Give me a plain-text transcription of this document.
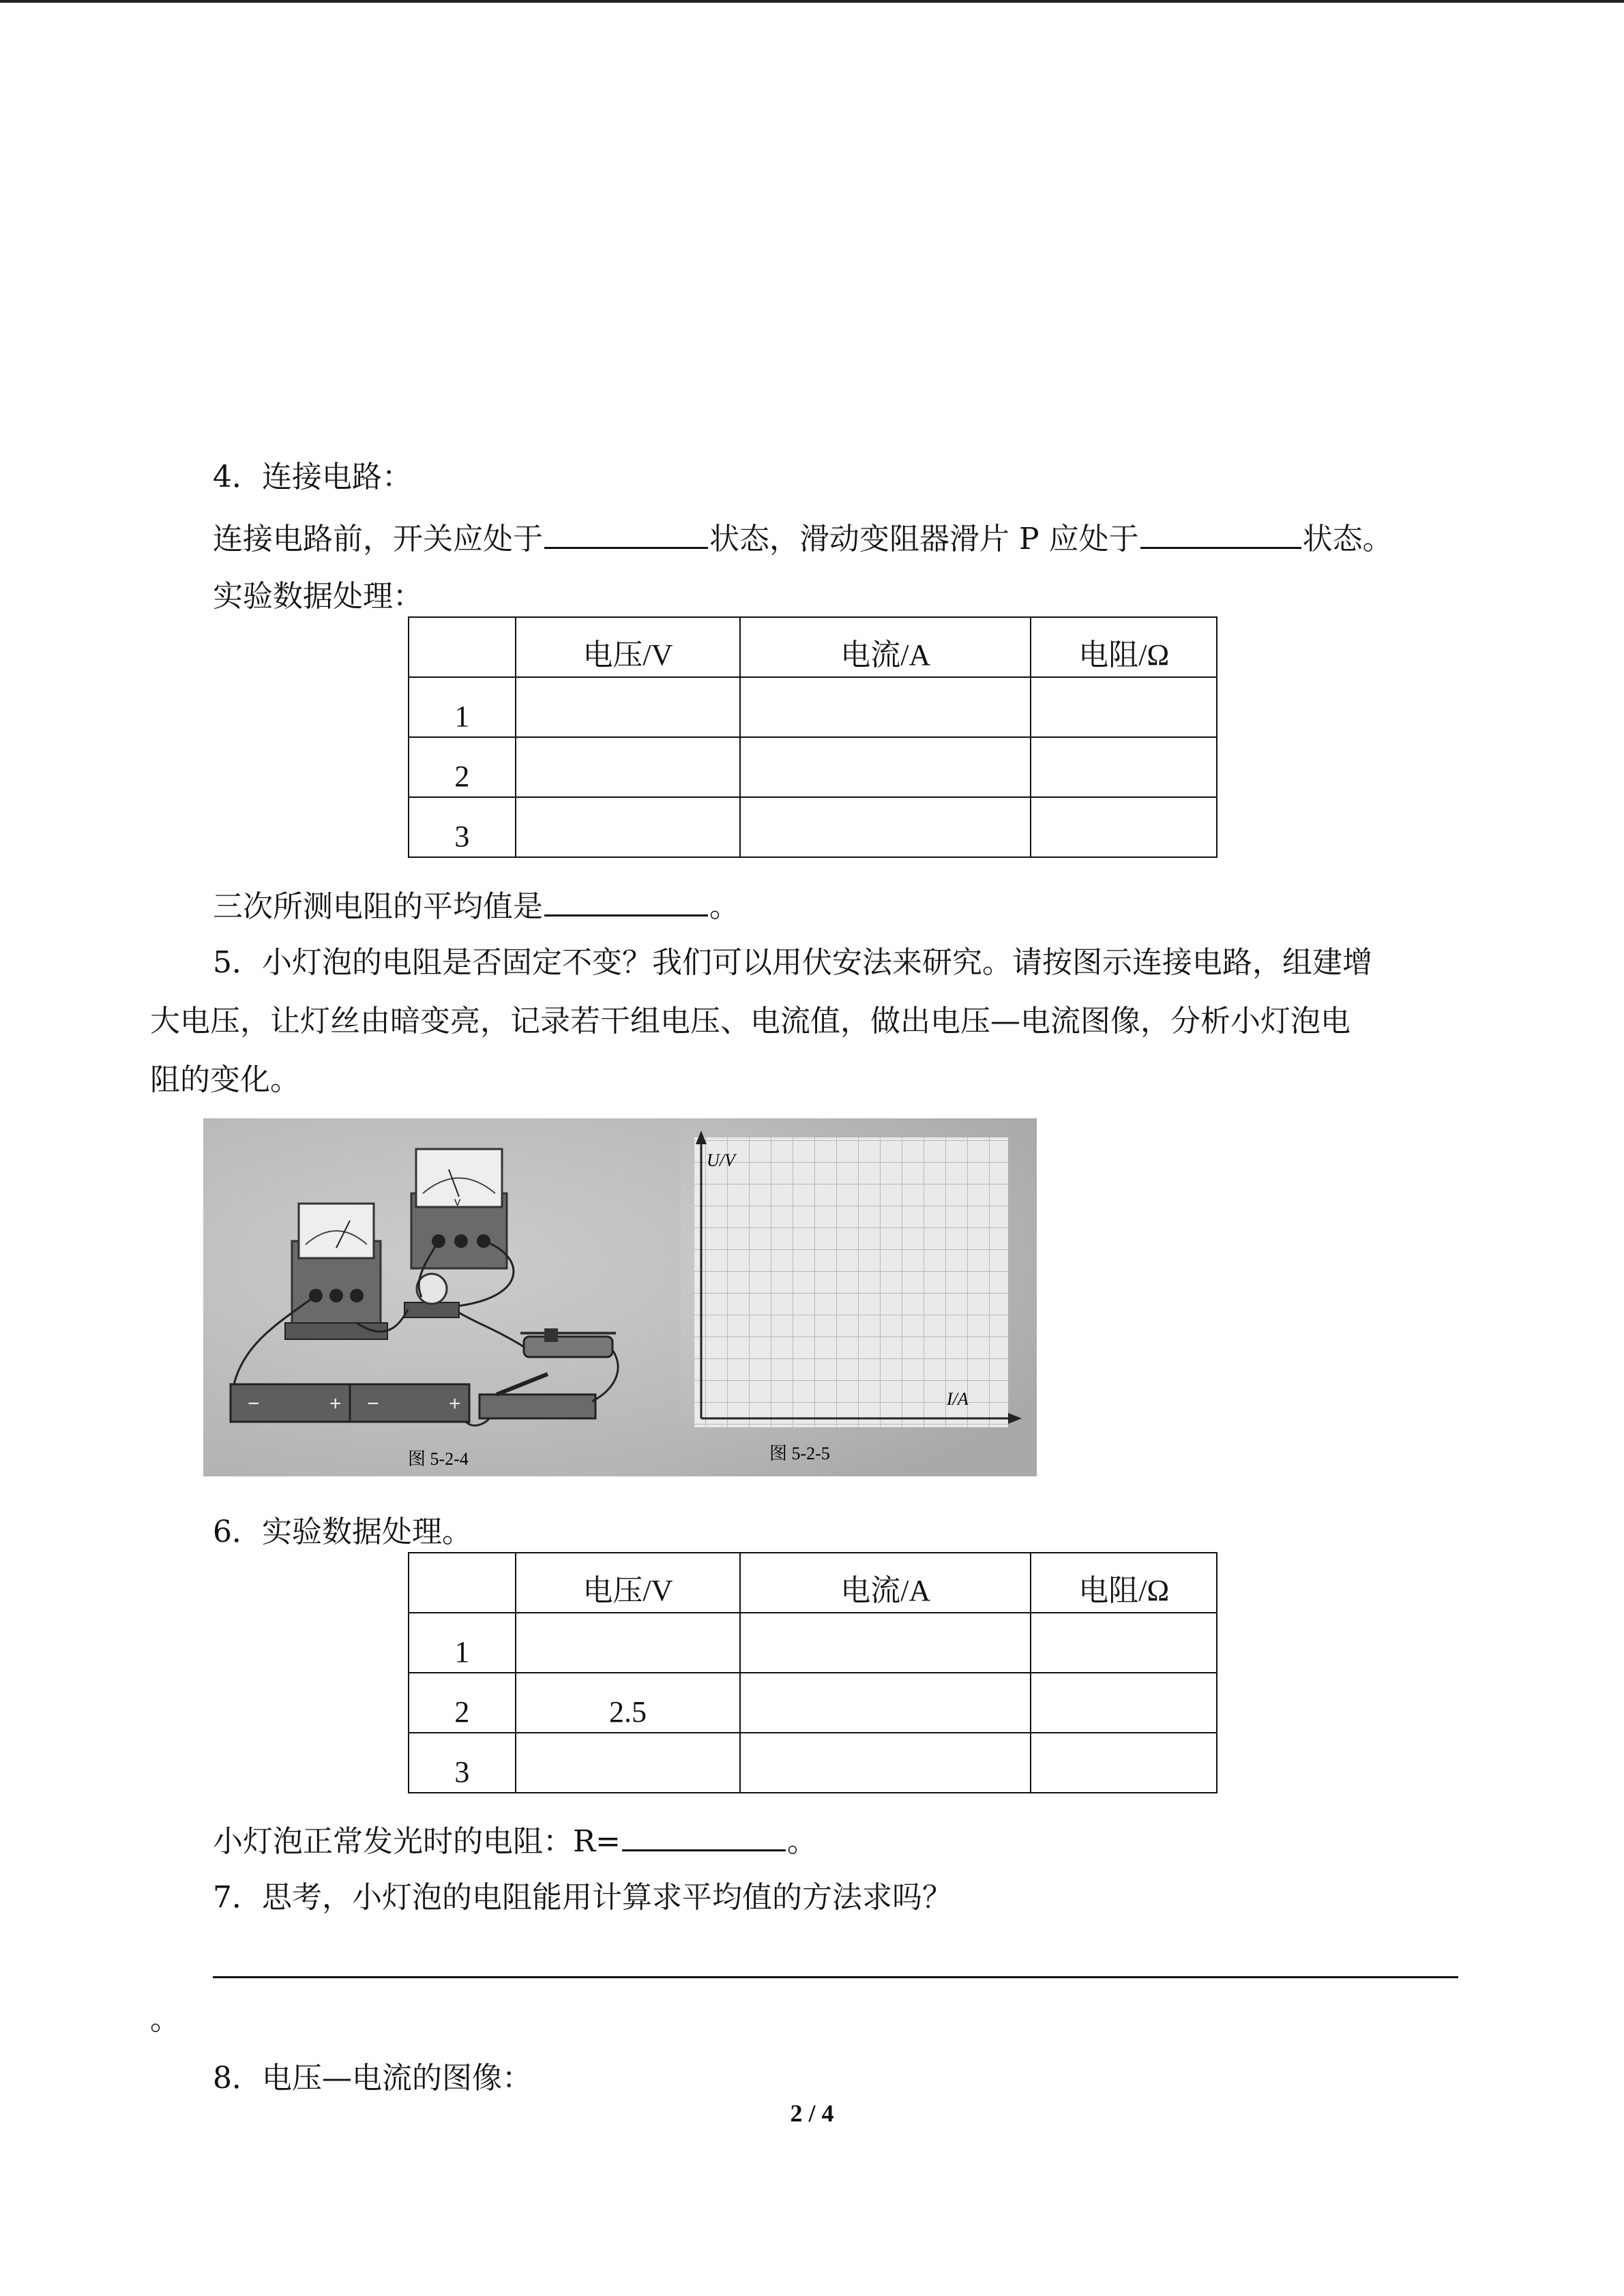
4．连接电路：
连接电路前，开关应处于	状态，滑动变阻器滑片 P 应处于	状态。
实验数据处理：
	电压/V	电流/A	电阻/Ω
1			
2			
3			
三次所测电阻的平均值是	。
5．小灯泡的电阻是否固定不变？我们可以用伏安法来研究。请按图示连接电路，组建增
大电压，让灯丝由暗变亮，记录若干组电压、电流值，做出电压—电流图像，分析小灯泡电
阻的变化。
V
−	+ −	+
图 5-2-4
U/V
I/A
图 5-2-5
6．实验数据处理。
	电压/V	电流/A	电阻/Ω
1			
2	2.5		
3			
小灯泡正常发光时的电阻：R=	。
7．思考，小灯泡的电阻能用计算求平均值的方法求吗？
。
8．电压—电流的图像：
2 / 4
